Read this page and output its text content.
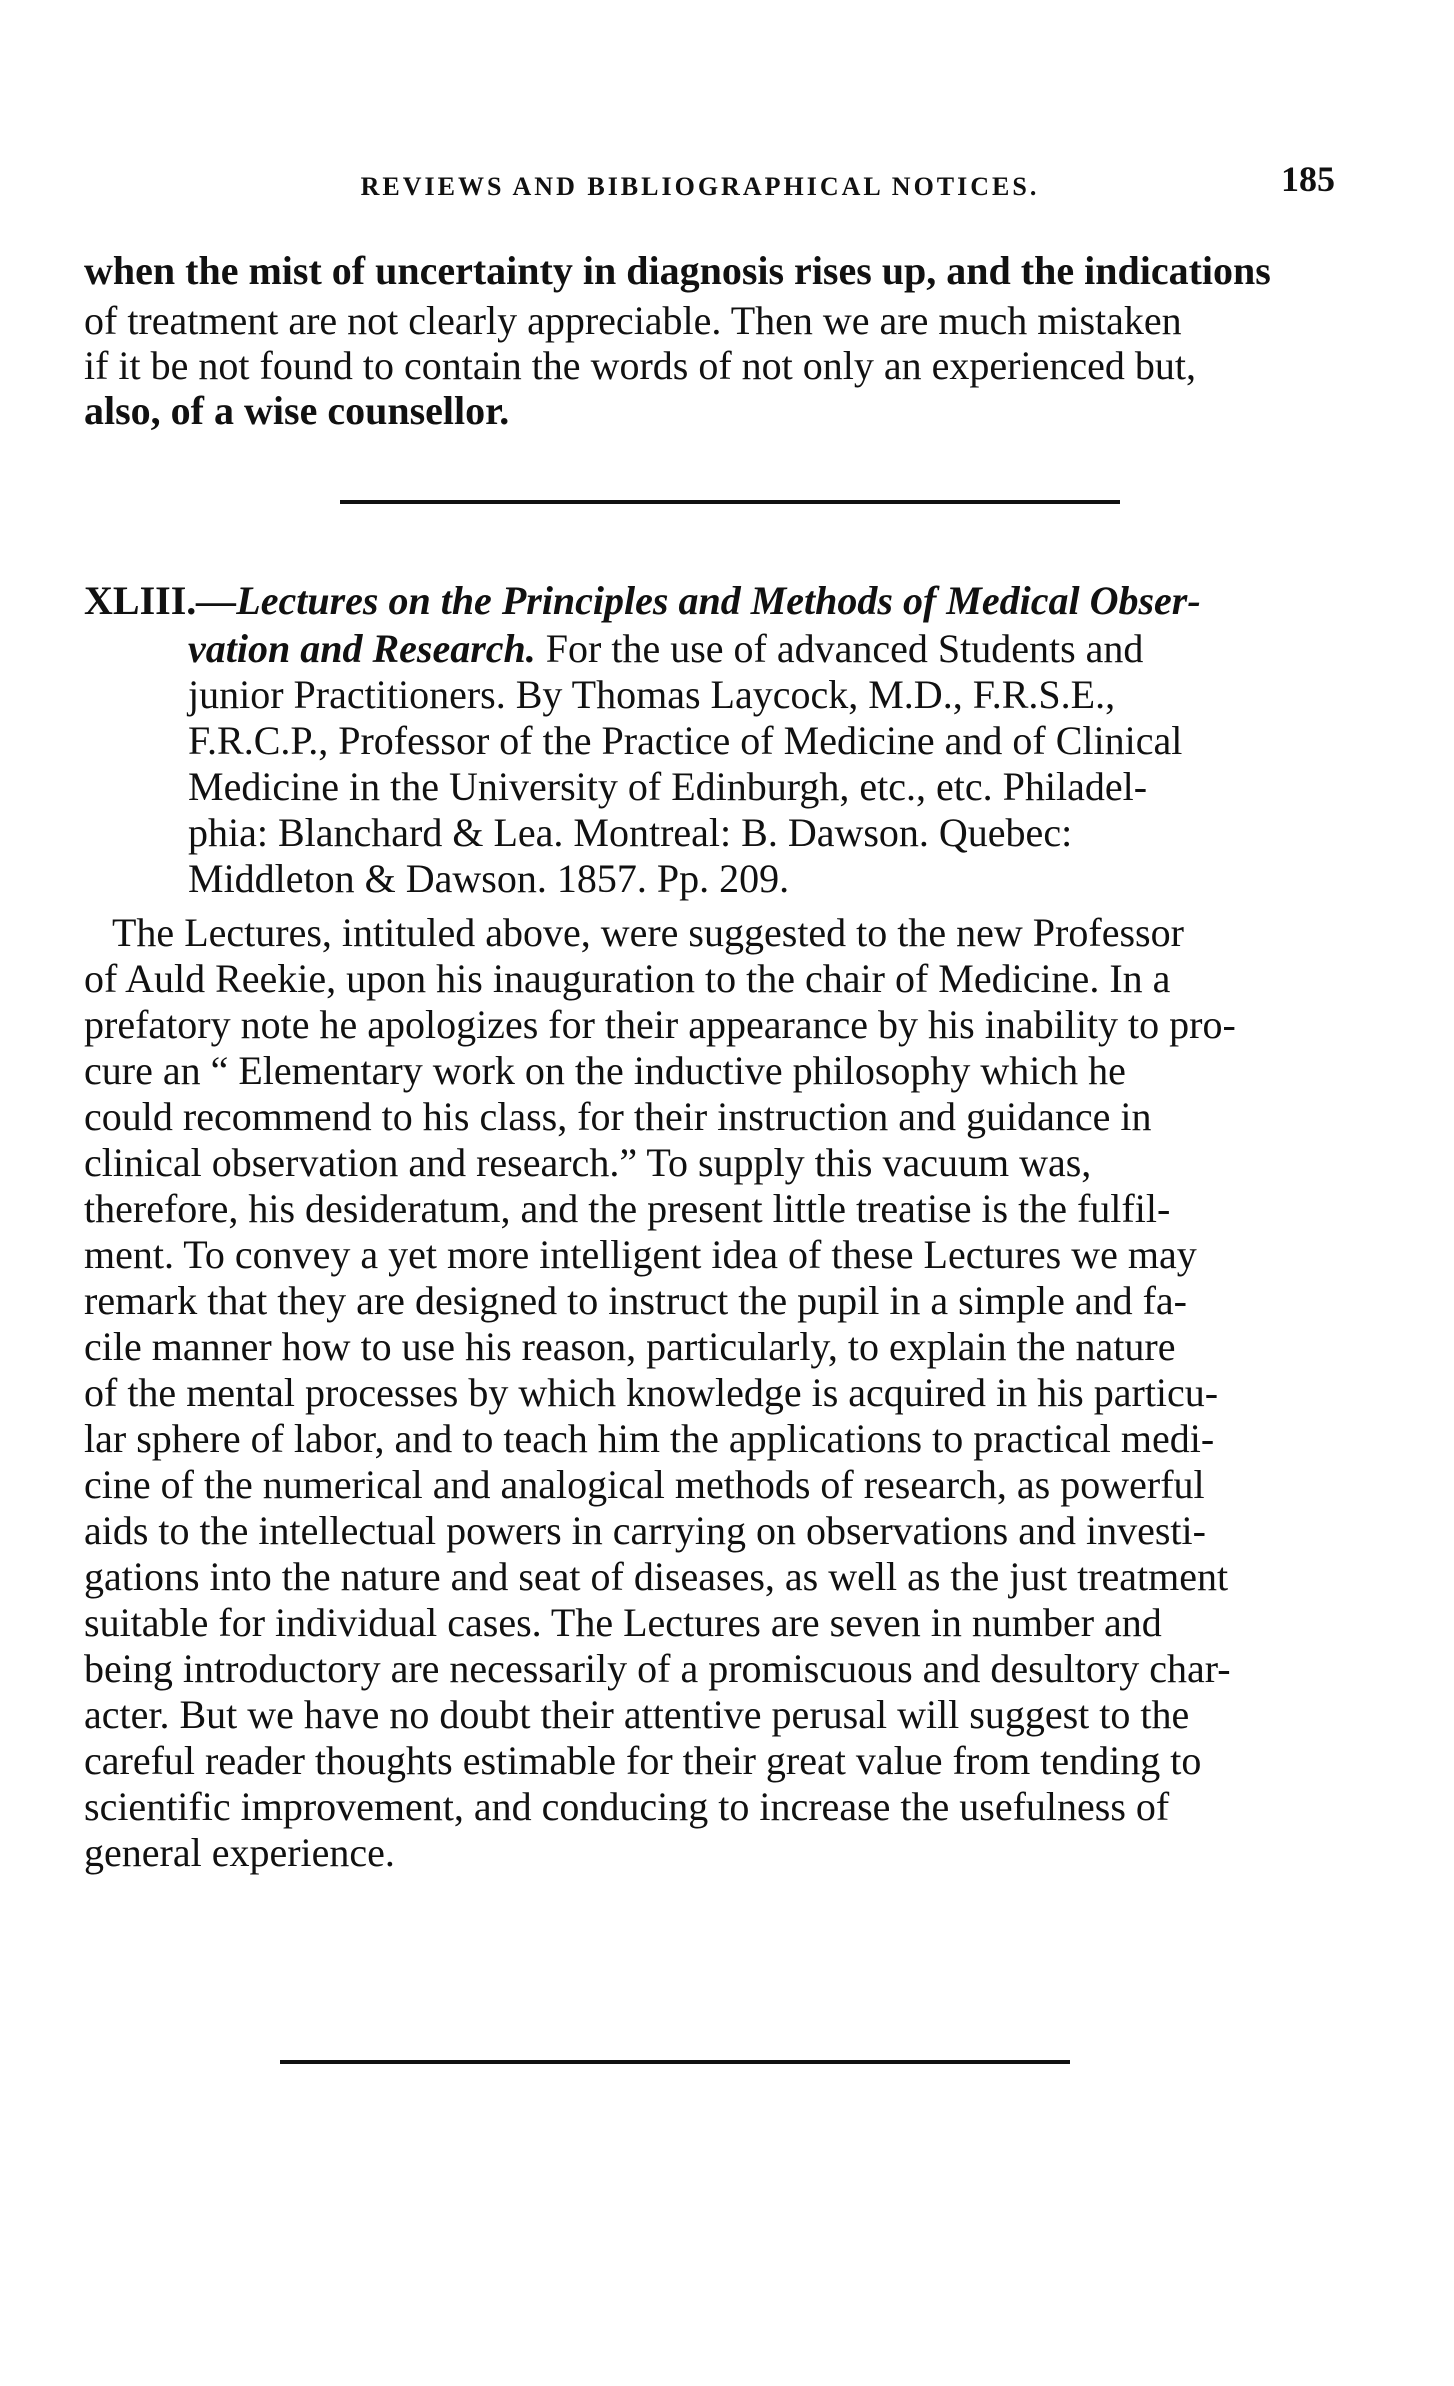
REVIEWS AND BIBLIOGRAPHICAL NOTICES.	185
when the mist of uncertainty in diagnosis rises up, and the indications
of treatment are not clearly appreciable. Then we are much mistaken
if it be not found to contain the words of not only an experienced but,
also, of a wise counsellor.
XLIII.—Lectures on the Principles and Methods of Medical Obser-
vation and Research. For the use of advanced Students and
junior Practitioners. By Thomas Laycock, M.D., F.R.S.E.,
F.R.C.P., Professor of the Practice of Medicine and of Clinical
Medicine in the University of Edinburgh, etc., etc. Philadel-
phia: Blanchard & Lea. Montreal: B. Dawson. Quebec:
Middleton & Dawson. 1857. Pp. 209.
The Lectures, intituled above, were suggested to the new Professor
of Auld Reekie, upon his inauguration to the chair of Medicine. In a
prefatory note he apologizes for their appearance by his inability to pro-
cure an “ Elementary work on the inductive philosophy which he
could recommend to his class, for their instruction and guidance in
clinical observation and research.” To supply this vacuum was,
therefore, his desideratum, and the present little treatise is the fulfil-
ment. To convey a yet more intelligent idea of these Lectures we may
remark that they are designed to instruct the pupil in a simple and fa-
cile manner how to use his reason, particularly, to explain the nature
of the mental processes by which knowledge is acquired in his particu-
lar sphere of labor, and to teach him the applications to practical medi-
cine of the numerical and analogical methods of research, as powerful
aids to the intellectual powers in carrying on observations and investi-
gations into the nature and seat of diseases, as well as the just treatment
suitable for individual cases. The Lectures are seven in number and
being introductory are necessarily of a promiscuous and desultory char-
acter. But we have no doubt their attentive perusal will suggest to the
careful reader thoughts estimable for their great value from tending to
scientific improvement, and conducing to increase the usefulness of
general experience.
